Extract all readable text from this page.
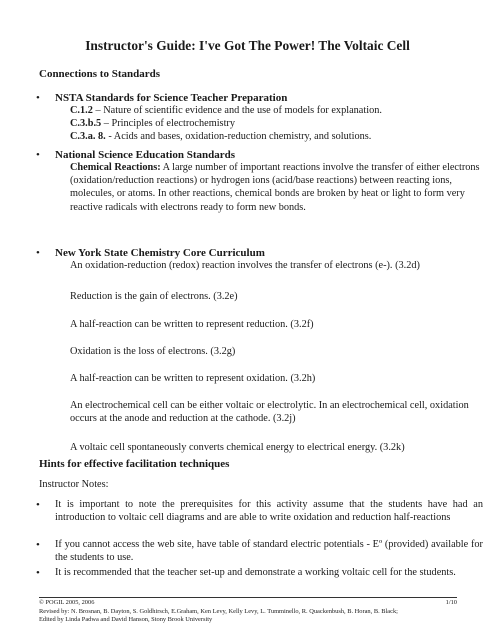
Instructor's Guide: I've Got The Power! The Voltaic Cell
Connections to Standards
• NSTA Standards for Science Teacher Preparation
C.1.2 – Nature of scientific evidence and the use of models for explanation.
C.3.b.5 – Principles of electrochemistry
C.3.a. 8. - Acids and bases, oxidation-reduction chemistry, and solutions.
• National Science Education Standards
Chemical Reactions: A large number of important reactions involve the transfer of either electrons (oxidation/reduction reactions) or hydrogen ions (acid/base reactions) between reacting ions, molecules, or atoms. In other reactions, chemical bonds are broken by heat or light to form very reactive radicals with electrons ready to form new bonds.
• New York State Chemistry Core Curriculum
An oxidation-reduction (redox) reaction involves the transfer of electrons (e-). (3.2d)
Reduction is the gain of electrons. (3.2e)
A half-reaction can be written to represent reduction. (3.2f)
Oxidation is the loss of electrons. (3.2g)
A half-reaction can be written to represent oxidation. (3.2h)
An electrochemical cell can be either voltaic or electrolytic. In an electrochemical cell, oxidation occurs at the anode and reduction at the cathode. (3.2j)
A voltaic cell spontaneously converts chemical energy to electrical energy. (3.2k)
Hints for effective facilitation techniques
Instructor Notes:
• It is important to note the prerequisites for this activity assume that the students have had an introduction to voltaic cell diagrams and are able to write oxidation and reduction half-reactions
• If you cannot access the web site, have table of standard electric potentials - Eº (provided) available for the students to use.
© POGIL 2005, 2006	1/10
Revised by: N. Brosnan, B. Dayton, S. Goldhirsch, E.Graham, Ken Levy, Kelly Levy, L. Tumminello, R. Quackenbush, B. Horan, B. Black;
Edited by Linda Padwa and David Hanson, Stony Brook University
• It is recommended that the teacher set-up and demonstrate a working voltaic cell for the students.
